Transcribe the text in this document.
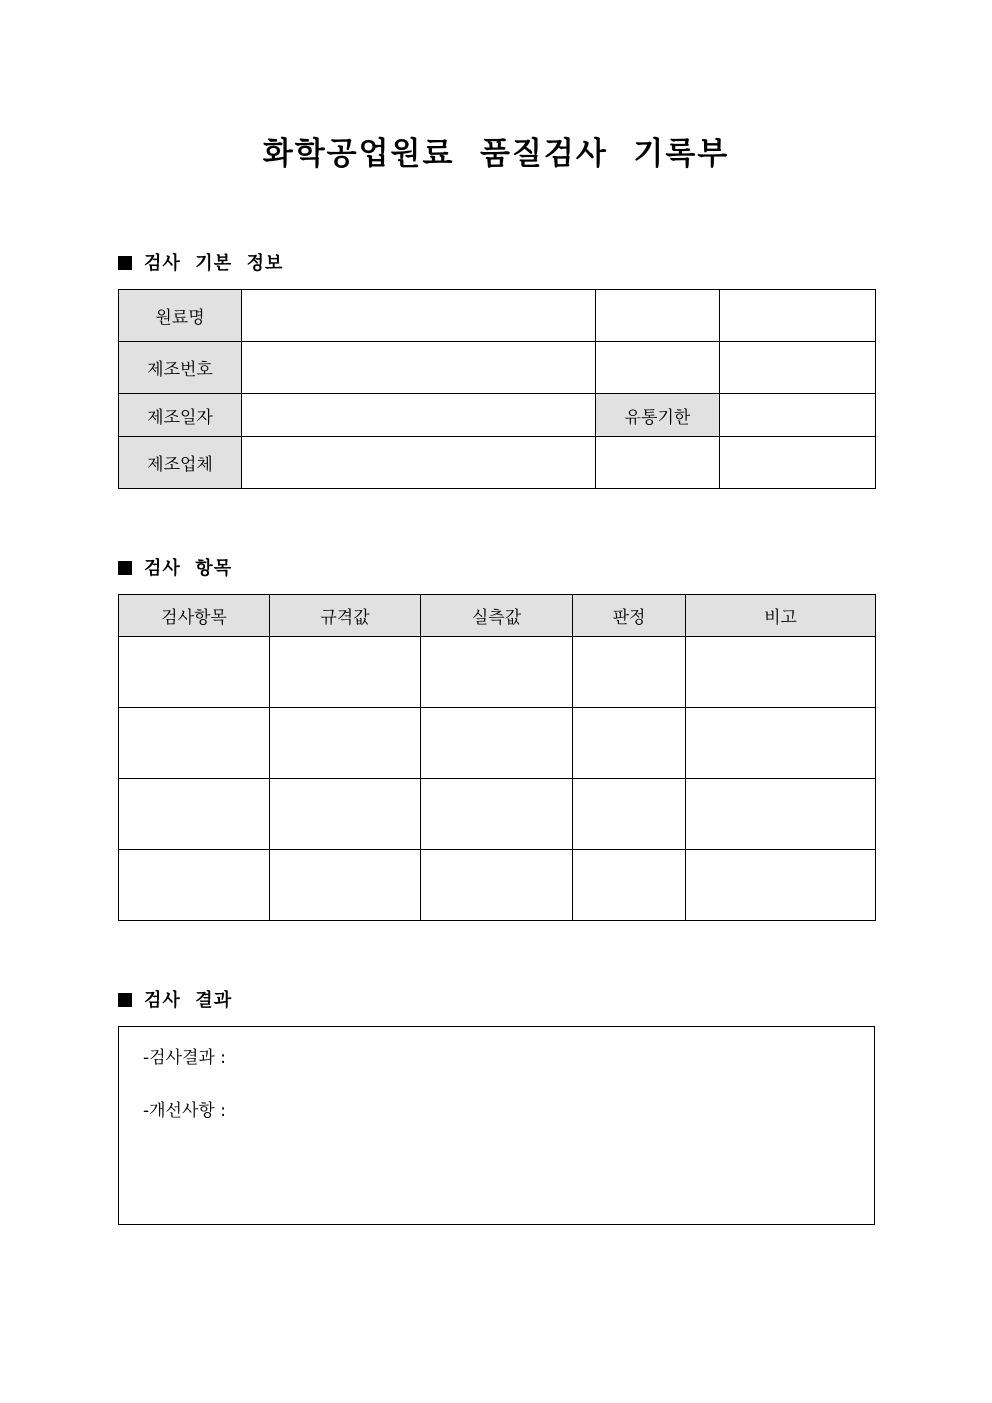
화학공업원료  품질검사  기록부
검사  기본  정보
원료명			
제조번호			
제조일자		유통기한	
제조업체			
검사  항목
검사항목	규격값	실측값	판정	비고

검사  결과
-검사결과 :
-개선사항 :
